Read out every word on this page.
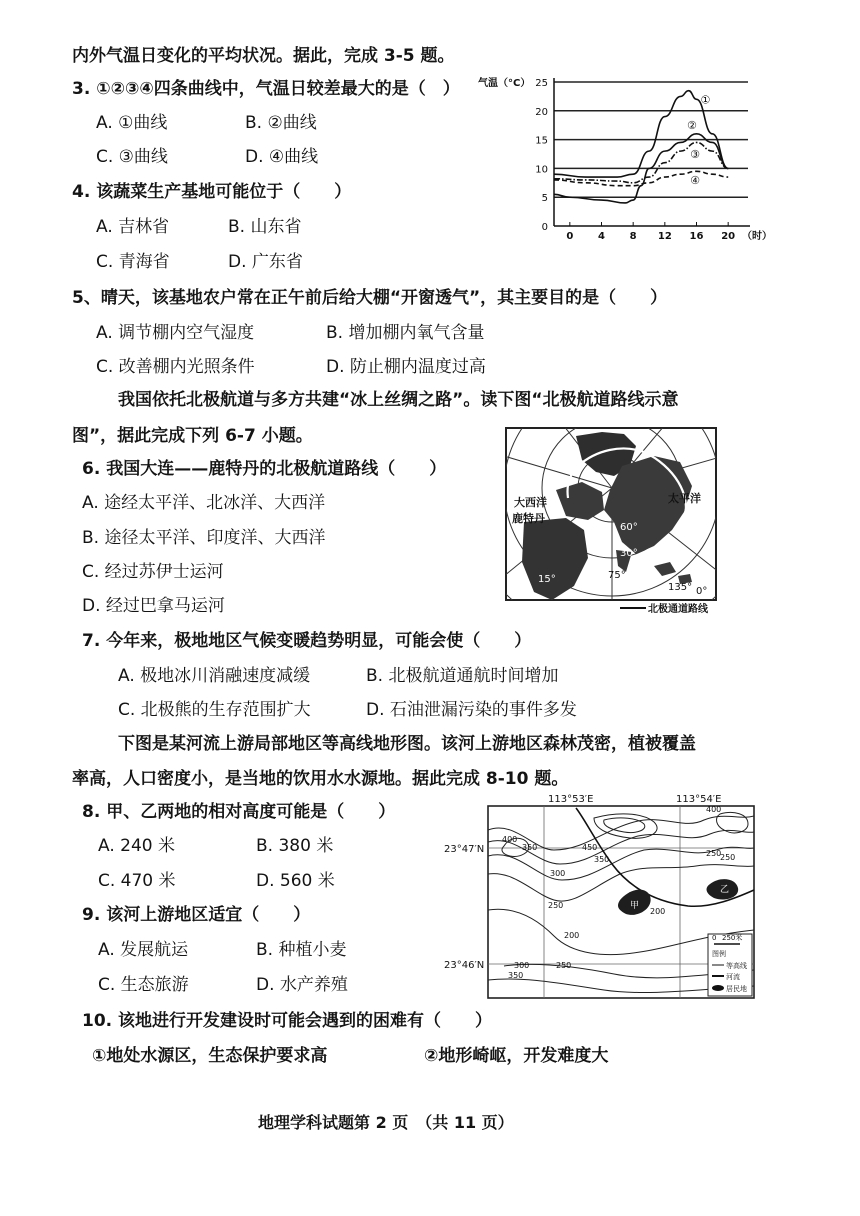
内外气温日变化的平均状况。据此，完成 3-5 题。
3. ①②③④四条曲线中，气温日较差最大的是（　）
A. ①曲线	B. ②曲线
C. ③曲线	D. ④曲线
4. 该蔬菜生产基地可能位于（　　）
A. 吉林省	B. 山东省
C. 青海省	D. 广东省
气温（°C）
0
5
10
15
20
25
0 4 8 12 16 20 （时）
①
②
③
④
5、晴天，该基地农户常在正午前后给大棚“开窗透气”，其主要目的是（　　）
A. 调节棚内空气湿度	B. 增加棚内氧气含量
C. 改善棚内光照条件	D. 防止棚内温度过高
我国依托北极航道与多方共建“冰上丝绸之路”。读下图“北极航道路线示意
图”，据此完成下列 6-7 小题。
6. 我国大连——鹿特丹的北极航道路线（　　）
A. 途经太平洋、北冰洋、大西洋
B. 途径太平洋、印度洋、大西洋
C. 经过苏伊士运河
D. 经过巴拿马运河
大西洋
鹿特丹
太平洋
60°
30°
15°	75°
135° 0°
北极通道路线
7. 今年来，极地地区气候变暖趋势明显，可能会使（　　）
A. 极地冰川消融速度减缓	B. 北极航道通航时间增加
C. 北极熊的生存范围扩大	D. 石油泄漏污染的事件多发
下图是某河流上游局部地区等高线地形图。该河上游地区森林茂密，植被覆盖
率高，人口密度小，是当地的饮用水水源地。据此完成 8-10 题。
8. 甲、乙两地的相对高度可能是（　　）
A. 240 米	B. 380 米
C. 470 米	D. 560 米
9. 该河上游地区适宜（　　）
A. 发展航运	B. 种植小麦
C. 生态旅游	D. 水产养殖
113°53′E	113°54′E
23°47′N
23°46′N
甲
乙
400
450
350
300
250
200
200
250
250
300
350
400
350
250
0 250米
图例
等高线
河流
居民地
10. 该地进行开发建设时可能会遇到的困难有（　　）
①地处水源区，生态保护要求高	②地形崎岖，开发难度大
地理学科试题第 2 页　（共 11 页）
